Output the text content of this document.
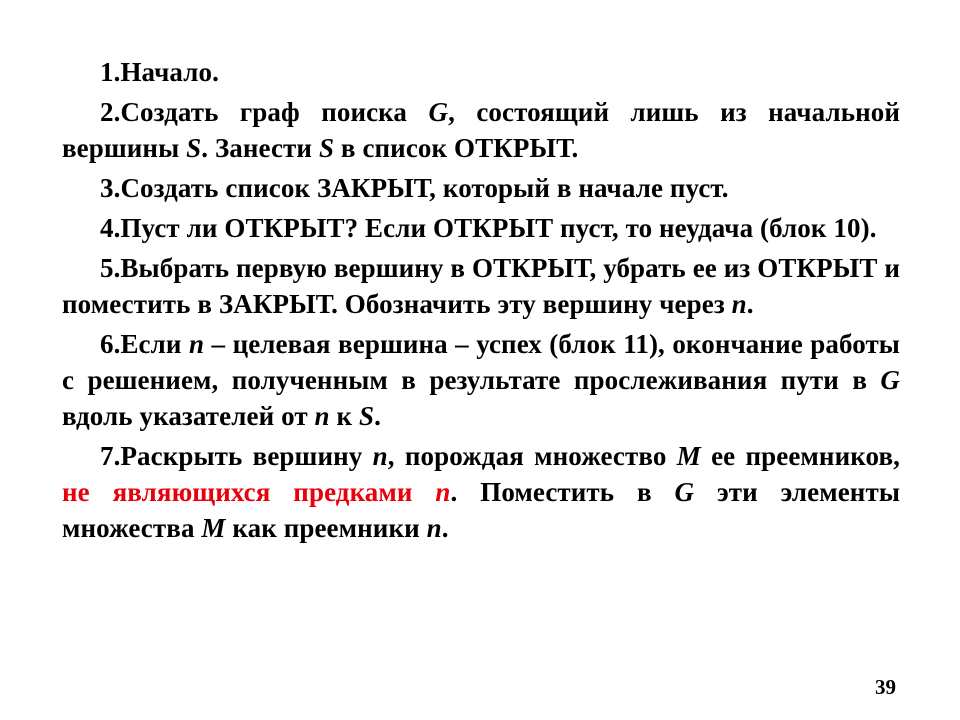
1.Начало.

2.Создать граф поиска G, состоящий лишь из начальной вершины S. Занести S в список ОТКРЫТ.

3.Создать список ЗАКРЫТ, который в начале пуст.

4.Пуст ли ОТКРЫТ? Если ОТКРЫТ пуст, то неудача (блок 10).

5.Выбрать первую вершину в ОТКРЫТ, убрать ее из ОТКРЫТ и поместить в ЗАКРЫТ. Обозначить эту вершину через n.

6.Если n – целевая вершина – успех (блок 11), окончание работы с решением, полученным в результате прослеживания пути в G вдоль указателей от n к S.

7.Раскрыть вершину n, порождая множество M ее преемников, не являющихся предками n. Поместить в G эти элементы множества M как преемники n.

39
